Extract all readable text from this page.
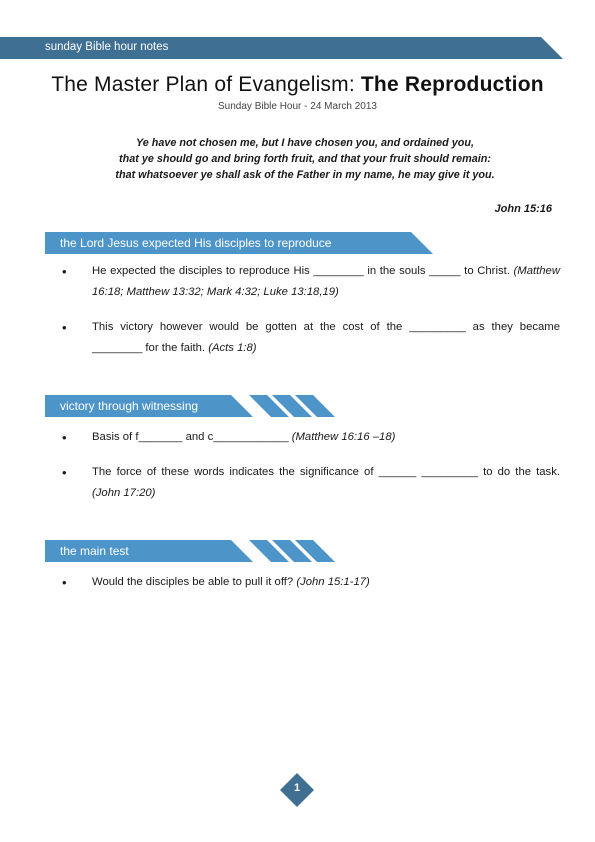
sunday Bible hour notes
The Master Plan of Evangelism: The Reproduction
Sunday Bible Hour - 24 March 2013
Ye have not chosen me, but I have chosen you, and ordained you,
that ye should go and bring forth fruit, and that your fruit should remain:
that whatsoever ye shall ask of the Father in my name, he may give it you.
John 15:16
the Lord Jesus expected His disciples to reproduce
• He expected the disciples to reproduce His ________ in the souls _____ to Christ. (Matthew 16:18; Matthew 13:32; Mark 4:32; Luke 13:18,19)
• This victory however would be gotten at the cost of the _________ as they became ________ for the faith. (Acts 1:8)
victory through witnessing
• Basis of f_______ and c____________ (Matthew 16:16 –18)
• The force of these words indicates the significance of ______ _________ to do the task. (John 17:20)
the main test
• Would the disciples be able to pull it off? (John 15:1-17)
1
